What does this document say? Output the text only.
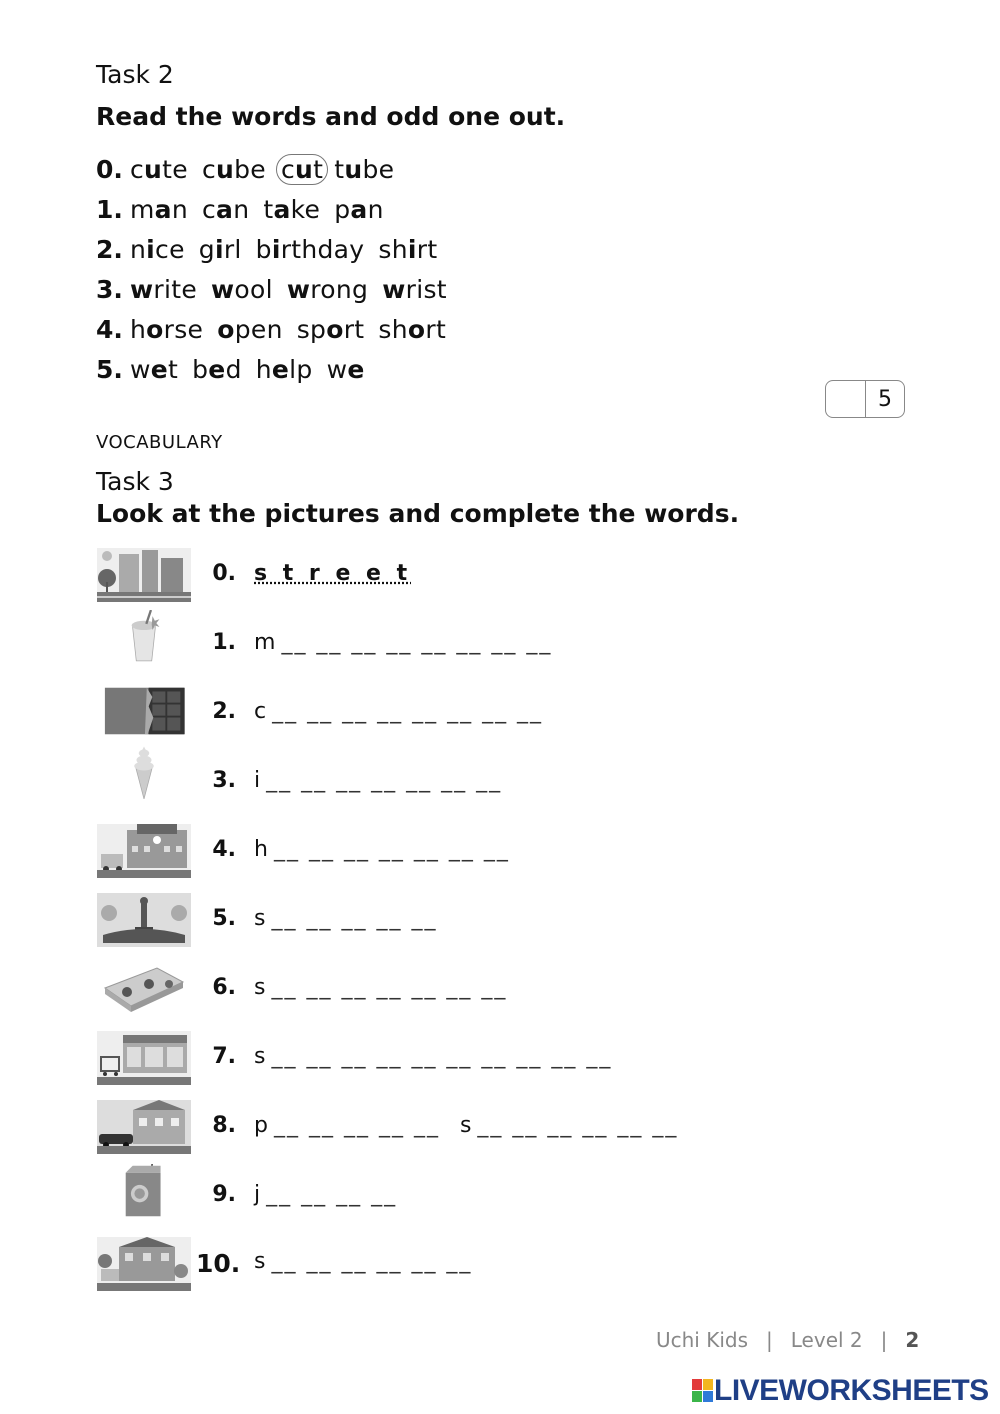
Task 2
Read the words and odd one out.
0. cute cube cut tube
1. man can take pan
2. nice girl birthday shirt
3. write wool wrong wrist
4. horse open sport short
5. wet bed help we
5
VOCABULARY
Task 3
Look at the pictures and complete the words.
0. s t r e e t
1. m __ __ __ __ __ __ __ __
2. c __ __ __ __ __ __ __ __
3. i __ __ __ __ __ __ __
4. h __ __ __ __ __ __ __
5. s __ __ __ __ __
6. s __ __ __ __ __ __ __
7. s __ __ __ __ __ __ __ __ __ __
8. p __ __ __ __ __ s __ __ __ __ __ __
9. j __ __ __ __
10. s __ __ __ __ __ __
Uchi Kids | Level 2 | 2
LIVEWORKSHEETS
